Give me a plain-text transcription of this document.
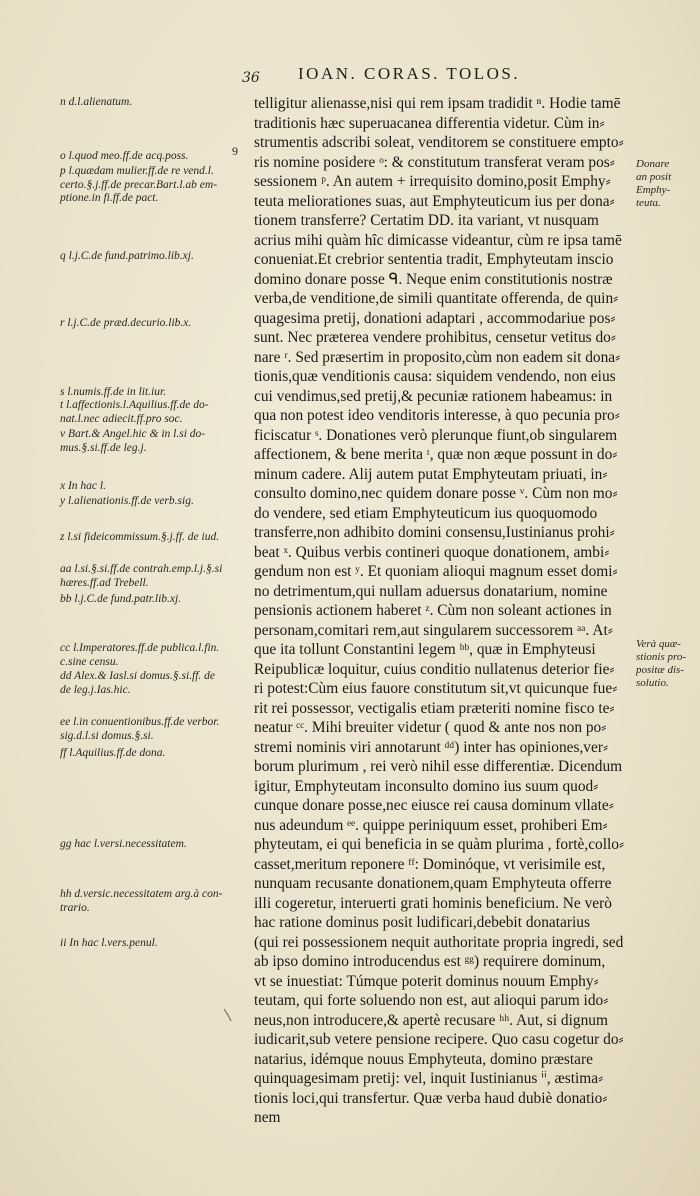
36 IOAN. CORAS. TOLOS.
telligitur alienasse,nisi qui rem ipsam tradidit ⁿ. Hodie tamē
traditionis hæc superuacanea differentia videtur. Cùm in⸗
strumentis adscribi soleat, venditorem se constituere empto⸗
ris nomine posidere ᵒ: & constitutum transferat veram pos⸗
sessionem ᵖ. An autem + irrequisito domino,posit Emphy⸗
teuta meliorationes suas, aut Emphyteuticum ius per dona⸗
tionem transferre? Certatim DD. ita variant, vt nusquam
acrius mihi quàm hîc dimicasse videantur, cùm re ipsa tamē
conueniat.Et crebrior sententia tradit, Emphyteutam inscio
domino donare posse ᑫ. Neque enim constitutionis nostræ
verba,de venditione,de simili quantitate offerenda, de quin⸗
quagesima pretij, donationi adaptari , accommodariue pos⸗
sunt. Nec præterea vendere prohibitus, censetur vetitus do⸗
nare ʳ. Sed præsertim in proposito,cùm non eadem sit dona⸗
tionis,quæ venditionis causa: siquidem vendendo, non eius
cui vendimus,sed pretij,& pecuniæ rationem habeamus: in
qua non potest ideo venditoris interesse, à quo pecunia pro⸗
ficiscatur ˢ. Donationes verò plerunque fiunt,ob singularem
affectionem, & bene merita ᵗ, quæ non æque possunt in do⸗
minum cadere. Alij autem putat Emphyteutam priuati, in⸗
consulto domino,nec quidem donare posse ᵛ. Cùm non mo⸗
do vendere, sed etiam Emphyteuticum ius quoquomodo
transferre,non adhibito domini consensu,Iustinianus prohi⸗
beat ˣ. Quibus verbis contineri quoque donationem, ambi⸗
gendum non est ʸ. Et quoniam alioqui magnum esset domi⸗
no detrimentum,qui nullam aduersus donatarium, nomine
pensionis actionem haberet ᶻ. Cùm non soleant actiones in
personam,comitari rem,aut singularem successorem ᵃᵃ. At⸗
que ita tollunt Constantini legem ᵇᵇ, quæ in Emphyteusi
Reipublicæ loquitur, cuius conditio nullatenus deterior fie⸗
ri potest:Cùm eius fauore constitutum sit,vt quicunque fue⸗
rit rei possessor, vectigalis etiam præteriti nomine fisco te⸗
neatur ᶜᶜ. Mihi breuiter videtur ( quod & ante nos non po⸗
stremi nominis viri annotarunt ᵈᵈ) inter has opiniones,ver⸗
borum plurimum , rei verò nihil esse differentiæ. Dicendum
igitur, Emphyteutam inconsulto domino ius suum quod⸗
cunque donare posse,nec eiusce rei causa dominum vllate⸗
nus adeundum ᵉᵉ. quippe periniquum esset, prohiberi Em⸗
phyteutam, ei qui beneficia in se quàm plurima , fortè,collo⸗
casset,meritum reponere ᶠᶠ: Dominóque, vt verisimile est,
nunquam recusante donationem,quam Emphyteuta offerre
illi cogeretur, interuerti grati hominis beneficium. Ne verò
hac ratione dominus posit ludificari,debebit donatarius
(qui rei possessionem nequit authoritate propria ingredi, sed
ab ipso domino introducendus est ᵍᵍ) requirere dominum,
vt se inuestiat: Túmque poterit dominus nouum Emphy⸗
teutam, qui forte soluendo non est, aut alioqui parum ido⸗
neus,non introducere,& apertè recusare ʰʰ. Aut, si dignum
iudicarit,sub vetere pensione recipere. Quo casu cogetur do⸗
natarius, idémque nouus Emphyteuta, domino præstare
quinquagesimam pretij: vel, inquit Iustinianus ⁱⁱ, æstima⸗
tionis loci,qui transfertur. Quæ verba haud dubiè donatio⸗
nem
n d.l.alienatum.
o l.quod meo.ff.de acq.poss.
p l.quædam mulier.ff.de re vend.l.
certo.§.j.ff.de precar.Bart.l.ab em-
ptione.in fi.ff.de pact.
q l.j.C.de fund.patrimo.lib.xj.
r l.j.C.de præd.decurio.lib.x.
s l.numis.ff.de in lit.iur.
t l.affectionis.l.Aquilius.ff.de do-
nat.l.nec adiecit.ff.pro soc.
v Bart.& Angel.hic & in l.si do-
mus.§.si.ff.de leg.j.
x In hac l.
y l.alienationis.ff.de verb.sig.
z l.si fideicommissum.§.j.ff. de iud.
aa l.si.§.si.ff.de contrah.emp.l.j.§.si
hæres.ff.ad Trebell.
bb l.j.C.de fund.patr.lib.xj.
cc l.Imperatores.ff.de publica.l.fin.
c.sine censu.
dd Alex.& Iasl.si domus.§.si.ff. de
de leg.j.Ias.hic.
ee l.in conuentionibus.ff.de verbor.
sig.d.l.si domus.§.si.
ff l.Aquilius.ff.de dona.
gg hac l.versi.necessitatem.
hh d.versic.necessitatem arg.à con-
trario.
ii In hac l.vers.penul.
9
Donare
an posit
Emphy-
teuta.
Verà quæ-
stionis pro-
positæ dis-
solutio.
